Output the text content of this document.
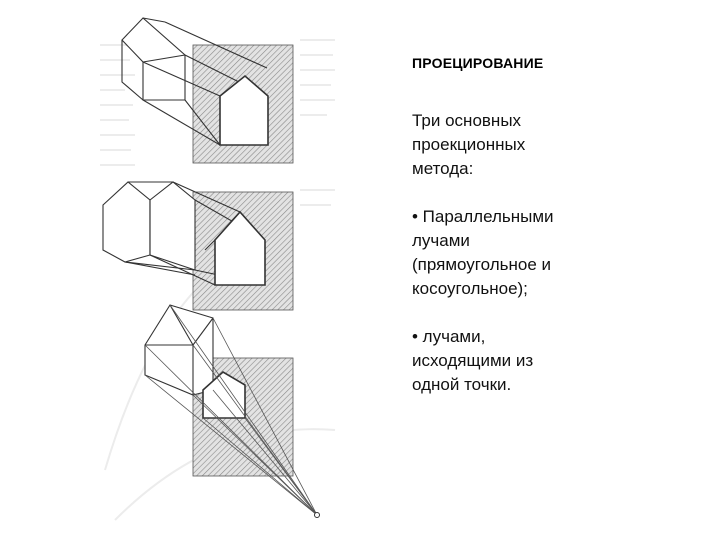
ПРОЕЦИРОВАНИЕ
Три основных
проекционных
метода:
• Параллельными
лучами
(прямоугольное и
косоугольное);
• лучами,
исходящими из
одной точки.
